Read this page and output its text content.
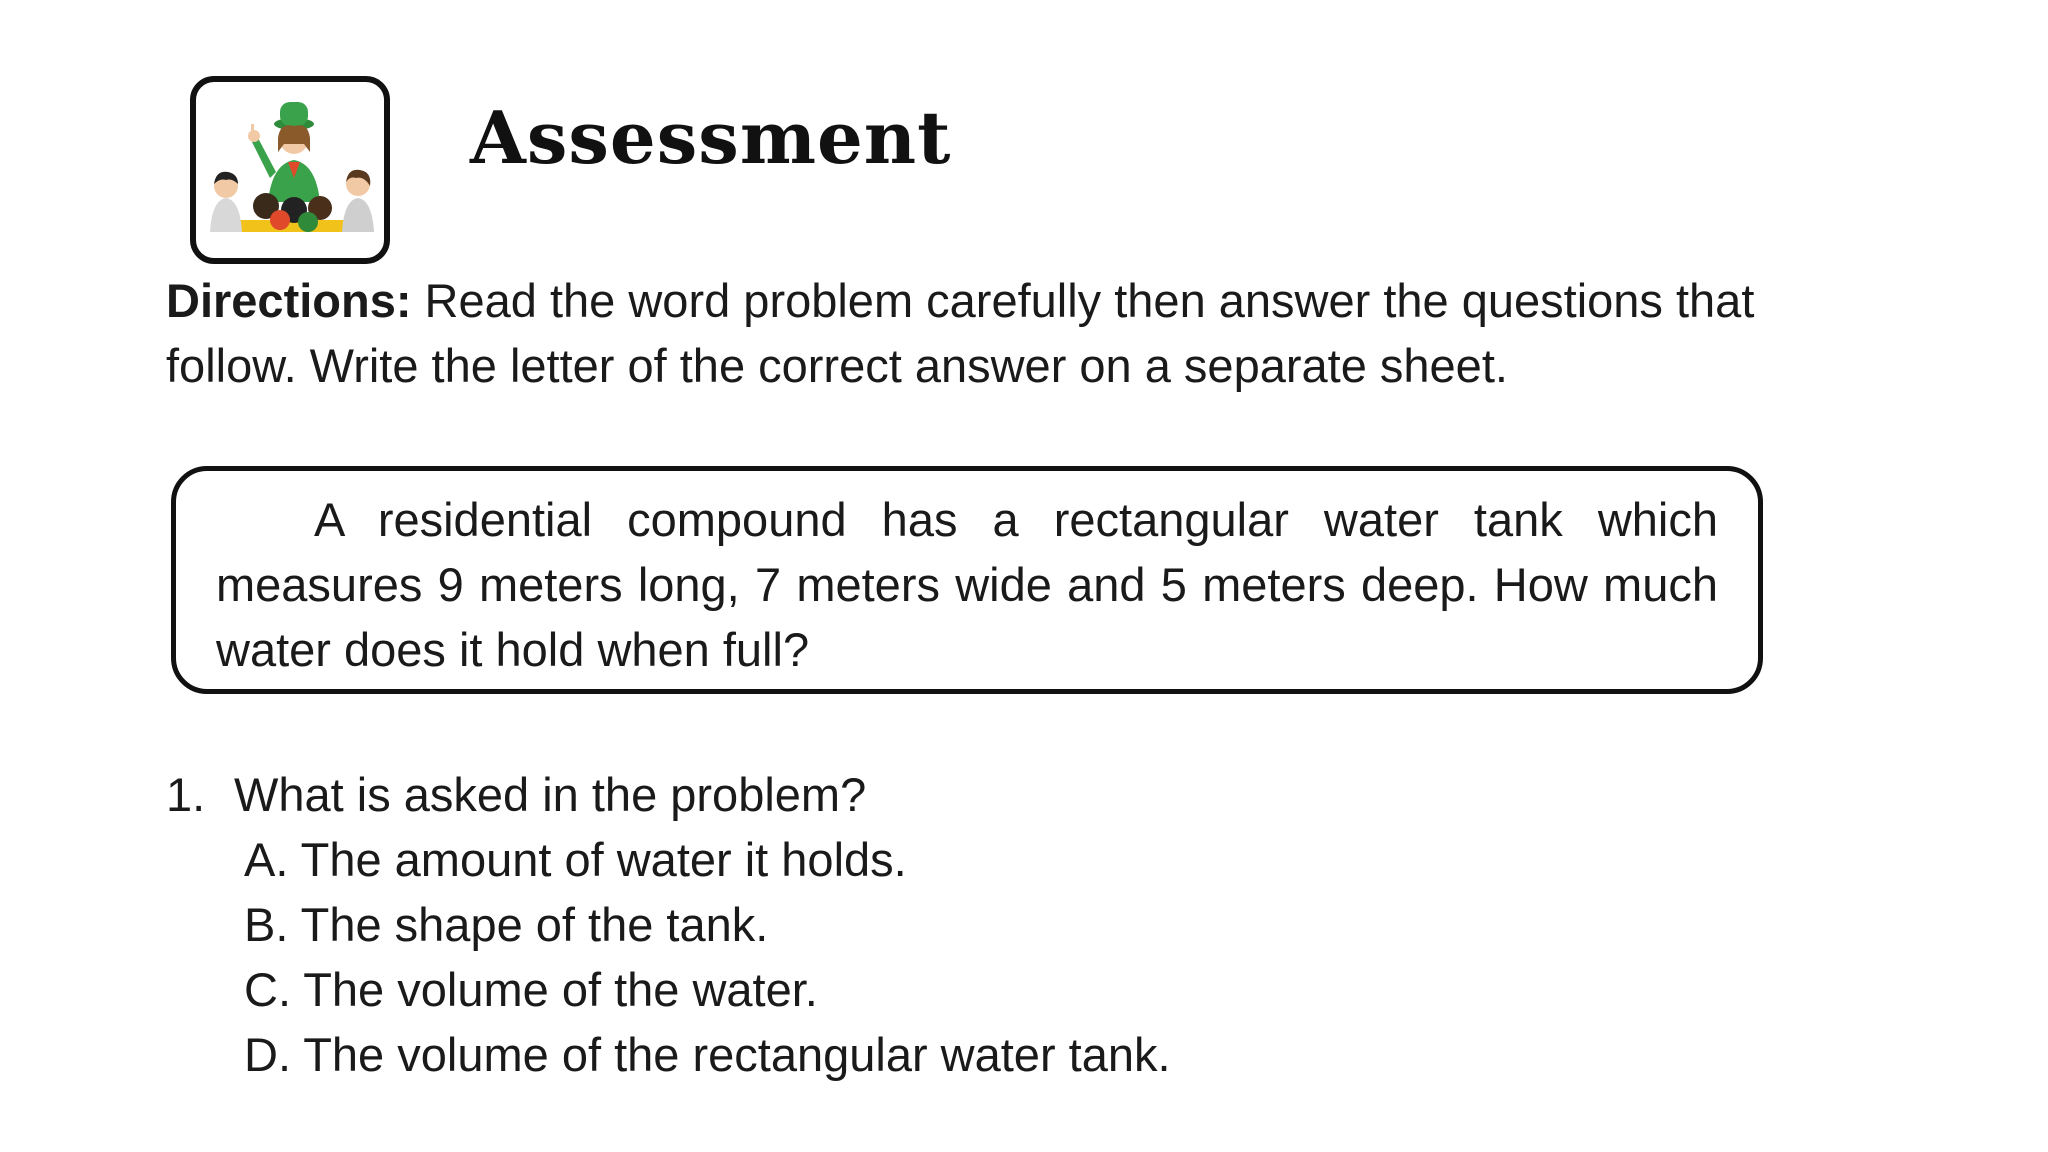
Assessment
Directions: Read the word problem carefully then answer the questions that follow. Write the letter of the correct answer on a separate sheet.
A residential compound has a rectangular water tank which measures 9 meters long, 7 meters wide and 5 meters deep. How much water does it hold when full?
1. What is asked in the problem?
A. The amount of water it holds.
B. The shape of the tank.
C. The volume of the water.
D. The volume of the rectangular water tank.
